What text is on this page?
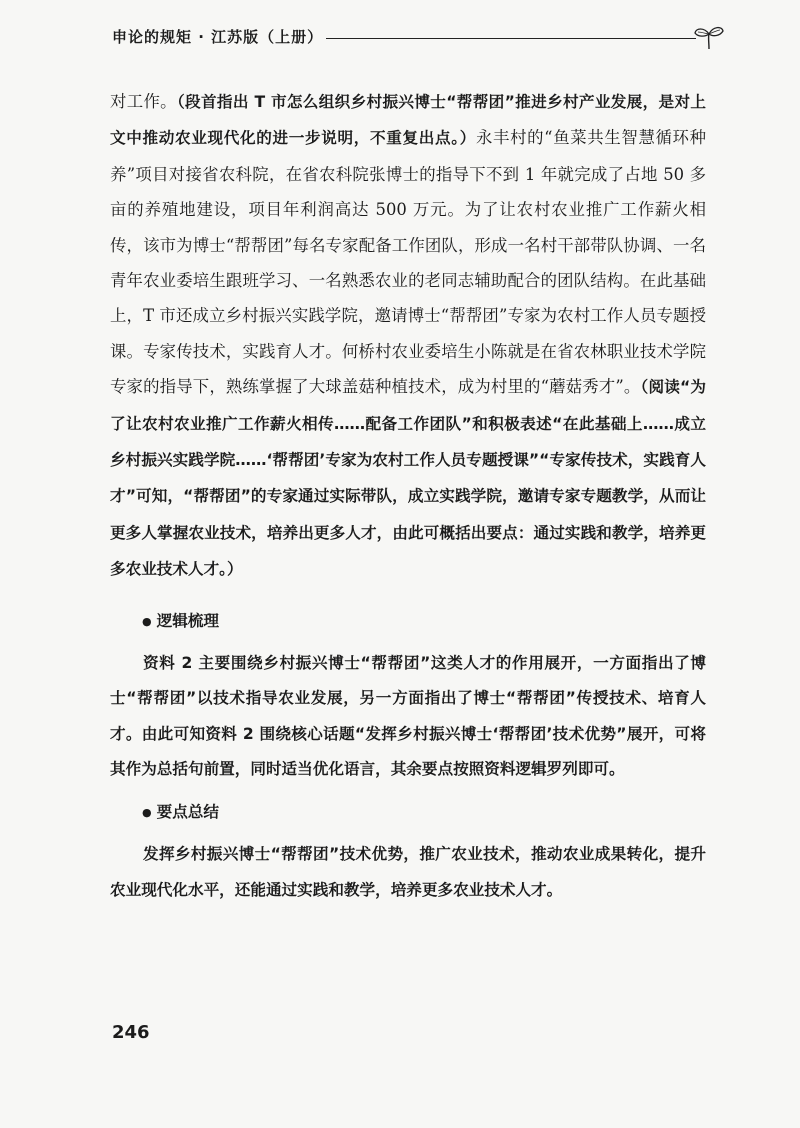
申论的规矩 · 江苏版（上册）

对工作。（段首指出 T 市怎么组织乡村振兴博士“帮帮团”推进乡村产业发展，是对上文中推动农业现代化的进一步说明，不重复出点。）永丰村的“鱼菜共生智慧循环种养”项目对接省农科院，在省农科院张博士的指导下不到 1 年就完成了占地 50 多亩的养殖地建设，项目年利润高达 500 万元。为了让农村农业推广工作薪火相传，该市为博士“帮帮团”每名专家配备工作团队，形成一名村干部带队协调、一名青年农业委培生跟班学习、一名熟悉农业的老同志辅助配合的团队结构。在此基础上，T 市还成立乡村振兴实践学院，邀请博士“帮帮团”专家为农村工作人员专题授课。专家传技术，实践育人才。何桥村农业委培生小陈就是在省农林职业技术学院专家的指导下，熟练掌握了大球盖菇种植技术，成为村里的“蘑菇秀才”。（阅读“为了让农村农业推广工作薪火相传……配备工作团队”和积极表述“在此基础上……成立乡村振兴实践学院……‘帮帮团’专家为农村工作人员专题授课”“专家传技术，实践育人才”可知，“帮帮团”的专家通过实际带队，成立实践学院，邀请专家专题教学，从而让更多人掌握农业技术，培养出更多人才，由此可概括出要点：通过实践和教学，培养更多农业技术人才。）

● 逻辑梳理

资料 2 主要围绕乡村振兴博士“帮帮团”这类人才的作用展开，一方面指出了博士“帮帮团”以技术指导农业发展，另一方面指出了博士“帮帮团”传授技术、培育人才。由此可知资料 2 围绕核心话题“发挥乡村振兴博士‘帮帮团’技术优势”展开，可将其作为总括句前置，同时适当优化语言，其余要点按照资料逻辑罗列即可。

● 要点总结

发挥乡村振兴博士“帮帮团”技术优势，推广农业技术，推动农业成果转化，提升农业现代化水平，还能通过实践和教学，培养更多农业技术人才。

246
